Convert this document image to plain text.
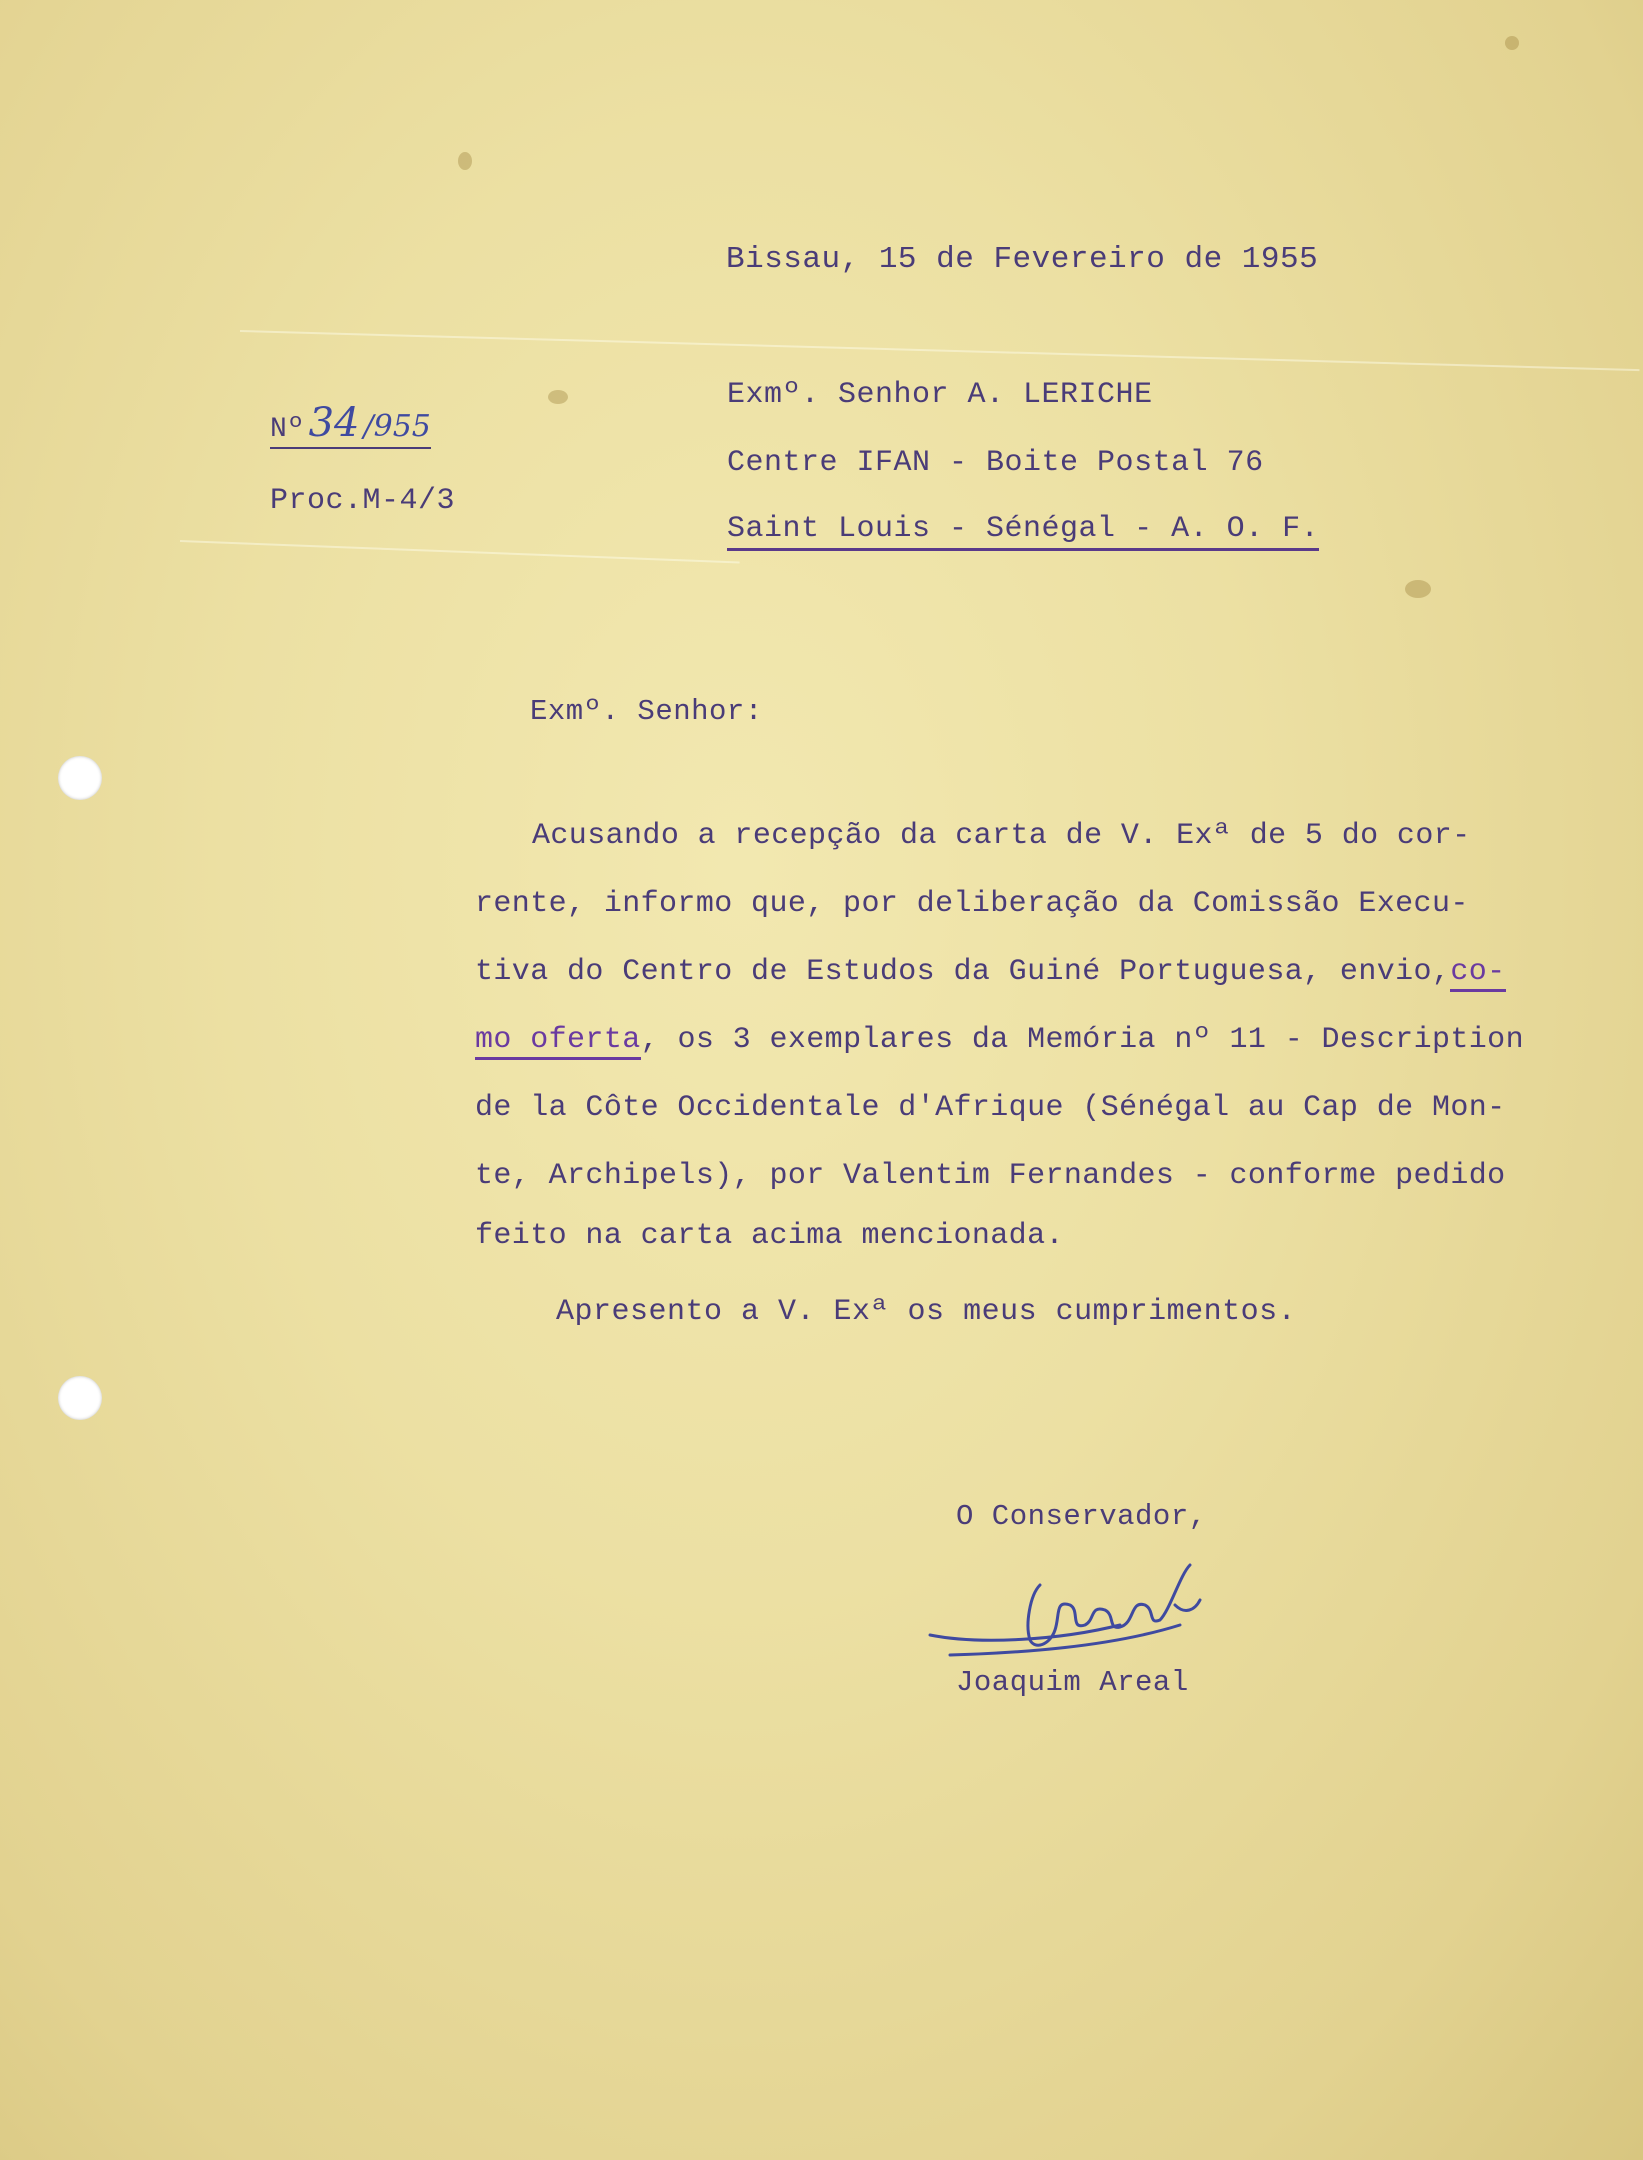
Bissau, 15 de Fevereiro de 1955
Nº 34 /955
Proc.M-4/3
Exmº. Senhor A. LERICHE
Centre IFAN - Boite Postal 76
Saint Louis - Sénégal - A. O. F.
Exmº. Senhor:
Acusando a recepção da carta de V. Exª de 5 do cor-
rente, informo que, por deliberação da Comissão Execu-
tiva do Centro de Estudos da Guiné Portuguesa, envio,co-
mo oferta, os 3 exemplares da Memória nº 11 - Description
de la Côte Occidentale d'Afrique (Sénégal au Cap de Mon-
te, Archipels), por Valentim Fernandes - conforme pedido
feito na carta acima mencionada.
Apresento a V. Exª os meus cumprimentos.
O Conservador,
Joaquim Areal
